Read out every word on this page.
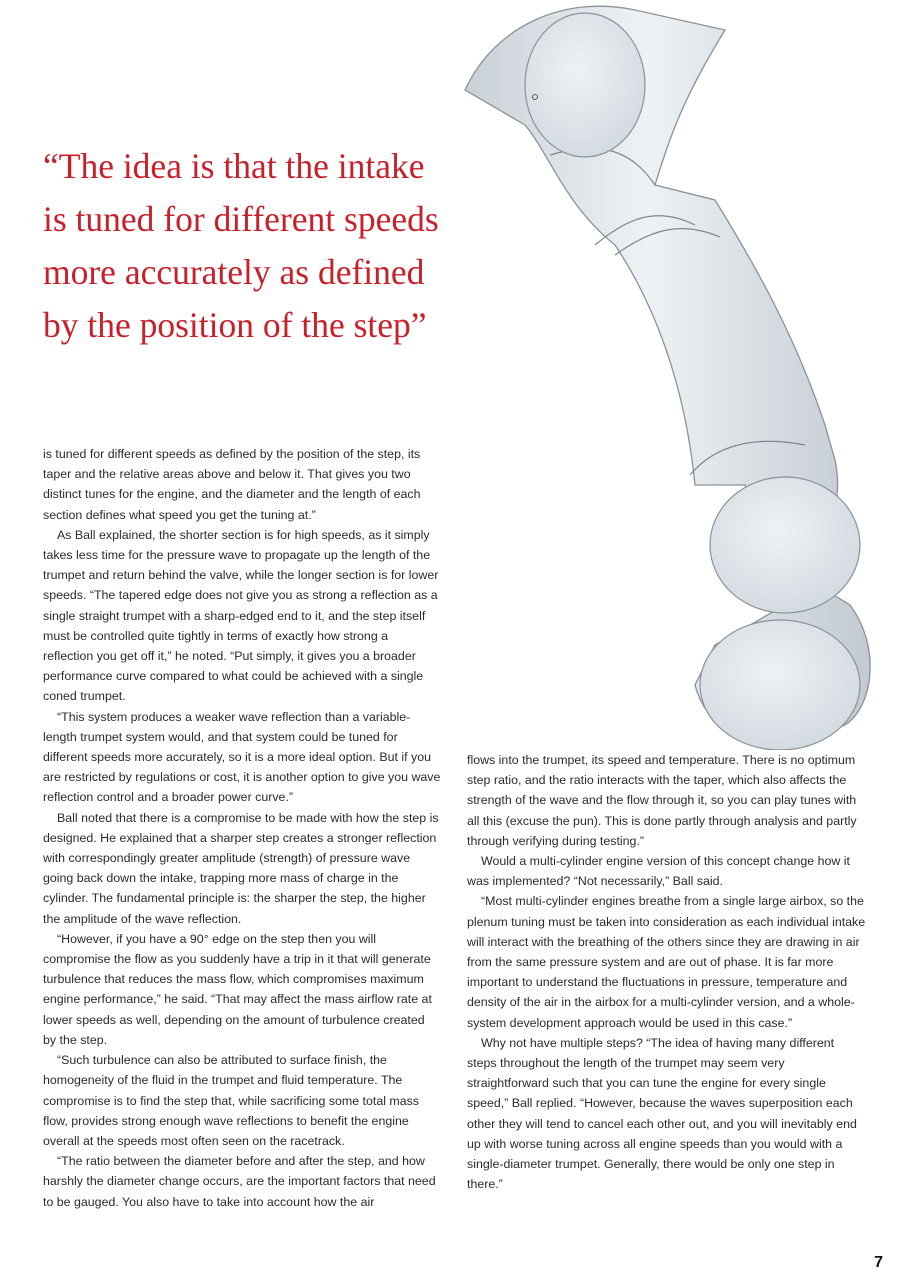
“The idea is that the intake is tuned for different speeds more accurately as defined by the position of the step”

is tuned for different speeds as defined by the position of the step, its taper and the relative areas above and below it. That gives you two distinct tunes for the engine, and the diameter and the length of each section defines what speed you get the tuning at.”

As Ball explained, the shorter section is for high speeds, as it simply takes less time for the pressure wave to propagate up the length of the trumpet and return behind the valve, while the longer section is for lower speeds. “The tapered edge does not give you as strong a reflection as a single straight trumpet with a sharp-edged end to it, and the step itself must be controlled quite tightly in terms of exactly how strong a reflection you get off it,” he noted. “Put simply, it gives you a broader performance curve compared to what could be achieved with a single coned trumpet.

“This system produces a weaker wave reflection than a variable-length trumpet system would, and that system could be tuned for different speeds more accurately, so it is a more ideal option. But if you are restricted by regulations or cost, it is another option to give you wave reflection control and a broader power curve.”

Ball noted that there is a compromise to be made with how the step is designed. He explained that a sharper step creates a stronger reflection with correspondingly greater amplitude (strength) of pressure wave going back down the intake, trapping more mass of charge in the cylinder. The fundamental principle is: the sharper the step, the higher the amplitude of the wave reflection.

“However, if you have a 90° edge on the step then you will compromise the flow as you suddenly have a trip in it that will generate turbulence that reduces the mass flow, which compromises maximum engine performance,” he said. “That may affect the mass airflow rate at lower speeds as well, depending on the amount of turbulence created by the step.

“Such turbulence can also be attributed to surface finish, the homogeneity of the fluid in the trumpet and fluid temperature. The compromise is to find the step that, while sacrificing some total mass flow, provides strong enough wave reflections to benefit the engine overall at the speeds most often seen on the racetrack.

“The ratio between the diameter before and after the step, and how harshly the diameter change occurs, are the important factors that need to be gauged. You also have to take into account how the air

flows into the trumpet, its speed and temperature. There is no optimum step ratio, and the ratio interacts with the taper, which also affects the strength of the wave and the flow through it, so you can play tunes with all this (excuse the pun). This is done partly through analysis and partly through verifying during testing.”

Would a multi-cylinder engine version of this concept change how it was implemented? “Not necessarily,” Ball said.

“Most multi-cylinder engines breathe from a single large airbox, so the plenum tuning must be taken into consideration as each individual intake will interact with the breathing of the others since they are drawing in air from the same pressure system and are out of phase. It is far more important to understand the fluctuations in pressure, temperature and density of the air in the airbox for a multi-cylinder version, and a whole-system development approach would be used in this case.”

Why not have multiple steps? “The idea of having many different steps throughout the length of the trumpet may seem very straightforward such that you can tune the engine for every single speed,” Ball replied. “However, because the waves superposition each other they will tend to cancel each other out, and you will inevitably end up with worse tuning across all engine speeds than you would with a single-diameter trumpet. Generally, there would be only one step in there.”

7
